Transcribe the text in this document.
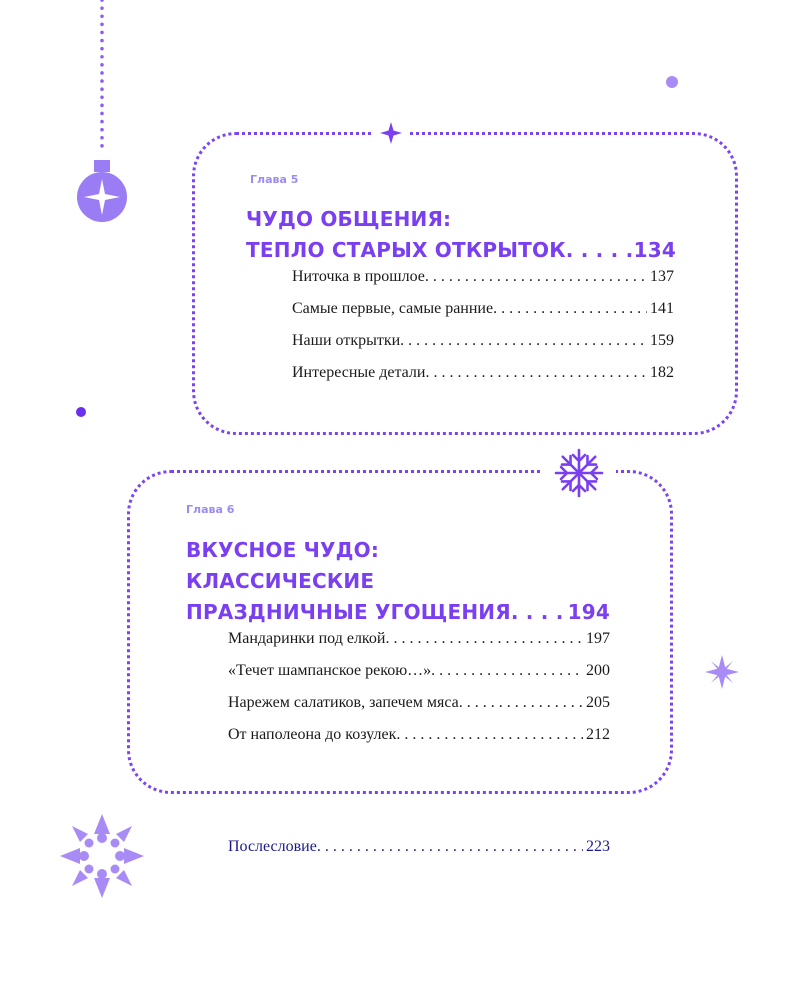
Глава 5
ЧУДО ОБЩЕНИЯ:
ТЕПЛО СТАРЫХ ОТКРЫТОК . . .	134
Ниточка в прошлое . . .	137
Самые первые, самые ранние . . .	141
Наши открытки . . .	159
Интересные детали . . .	182
Глава 6
ВКУСНОЕ ЧУДО:
КЛАССИЧЕСКИЕ
ПРАЗДНИЧНЫЕ УГОЩЕНИЯ . . .	194
Мандаринки под елкой . . .	197
«Течет шампанское рекою…» . . .	200
Нарежем салатиков, запечем мяса . . .	205
От наполеона до козулек . . .	212
Послесловие . . .	223
